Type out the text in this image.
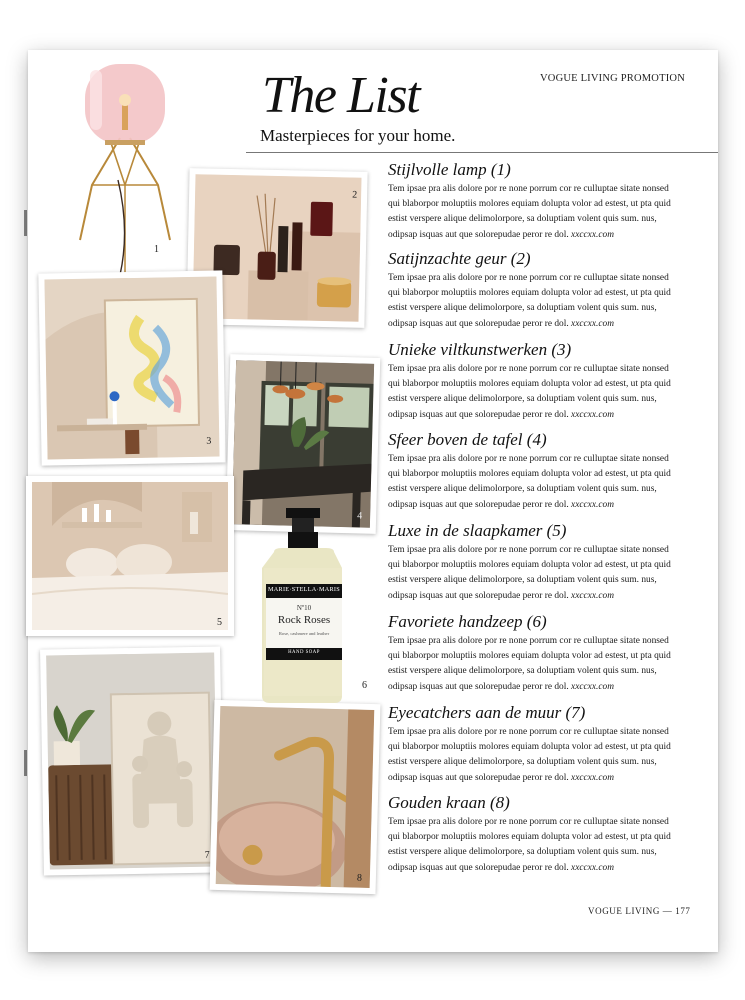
VOGUE LIVING PROMOTION
The List
Masterpieces for your home.
1
2
3
4
5
7
8
MARIE·STELLA·MARIS
Nº10
Rock Roses
Rose, cashmere and leather
HAND SOAP
6
Stijlvolle lamp (1)

Tem ipsae pra alis dolore por re none porrum cor re culluptae sitate nonsed qui blaborpor moluptiis molores equiam dolupta volor ad estest, ut pta quid estist verspere alique delimolorpore, sa doluptiam volent quis sum. nus, odipsap isquas aut que solorepudae peror re dol. xxccxx.com

Satijnzachte geur (2)

Tem ipsae pra alis dolore por re none porrum cor re culluptae sitate nonsed qui blaborpor moluptiis molores equiam dolupta volor ad estest, ut pta quid estist verspere alique delimolorpore, sa doluptiam volent quis sum. nus, odipsap isquas aut que solorepudae peror re dol. xxccxx.com

Unieke viltkunstwerken (3)

Tem ipsae pra alis dolore por re none porrum cor re culluptae sitate nonsed qui blaborpor moluptiis molores equiam dolupta volor ad estest, ut pta quid estist verspere alique delimolorpore, sa doluptiam volent quis sum. nus, odipsap isquas aut que solorepudae peror re dol. xxccxx.com

Sfeer boven de tafel (4)

Tem ipsae pra alis dolore por re none porrum cor re culluptae sitate nonsed qui blaborpor moluptiis molores equiam dolupta volor ad estest, ut pta quid estist verspere alique delimolorpore, sa doluptiam volent quis sum. nus, odipsap isquas aut que solorepudae peror re dol. xxccxx.com

Luxe in de slaapkamer (5)

Tem ipsae pra alis dolore por re none porrum cor re culluptae sitate nonsed qui blaborpor moluptiis molores equiam dolupta volor ad estest, ut pta quid estist verspere alique delimolorpore, sa doluptiam volent quis sum. nus, odipsap isquas aut que solorepudae peror re dol. xxccxx.com

Favoriete handzeep (6)

Tem ipsae pra alis dolore por re none porrum cor re culluptae sitate nonsed qui blaborpor moluptiis molores equiam dolupta volor ad estest, ut pta quid estist verspere alique delimolorpore, sa doluptiam volent quis sum. nus, odipsap isquas aut que solorepudae peror re dol. xxccxx.com

Eyecatchers aan de muur (7)

Tem ipsae pra alis dolore por re none porrum cor re culluptae sitate nonsed qui blaborpor moluptiis molores equiam dolupta volor ad estest, ut pta quid estist verspere alique delimolorpore, sa doluptiam volent quis sum. nus, odipsap isquas aut que solorepudae peror re dol. xxccxx.com

Gouden kraan (8)

Tem ipsae pra alis dolore por re none porrum cor re culluptae sitate nonsed qui blaborpor moluptiis molores equiam dolupta volor ad estest, ut pta quid estist verspere alique delimolorpore, sa doluptiam volent quis sum. nus, odipsap isquas aut que solorepudae peror re dol. xxccxx.com

VOGUE LIVING — 177
